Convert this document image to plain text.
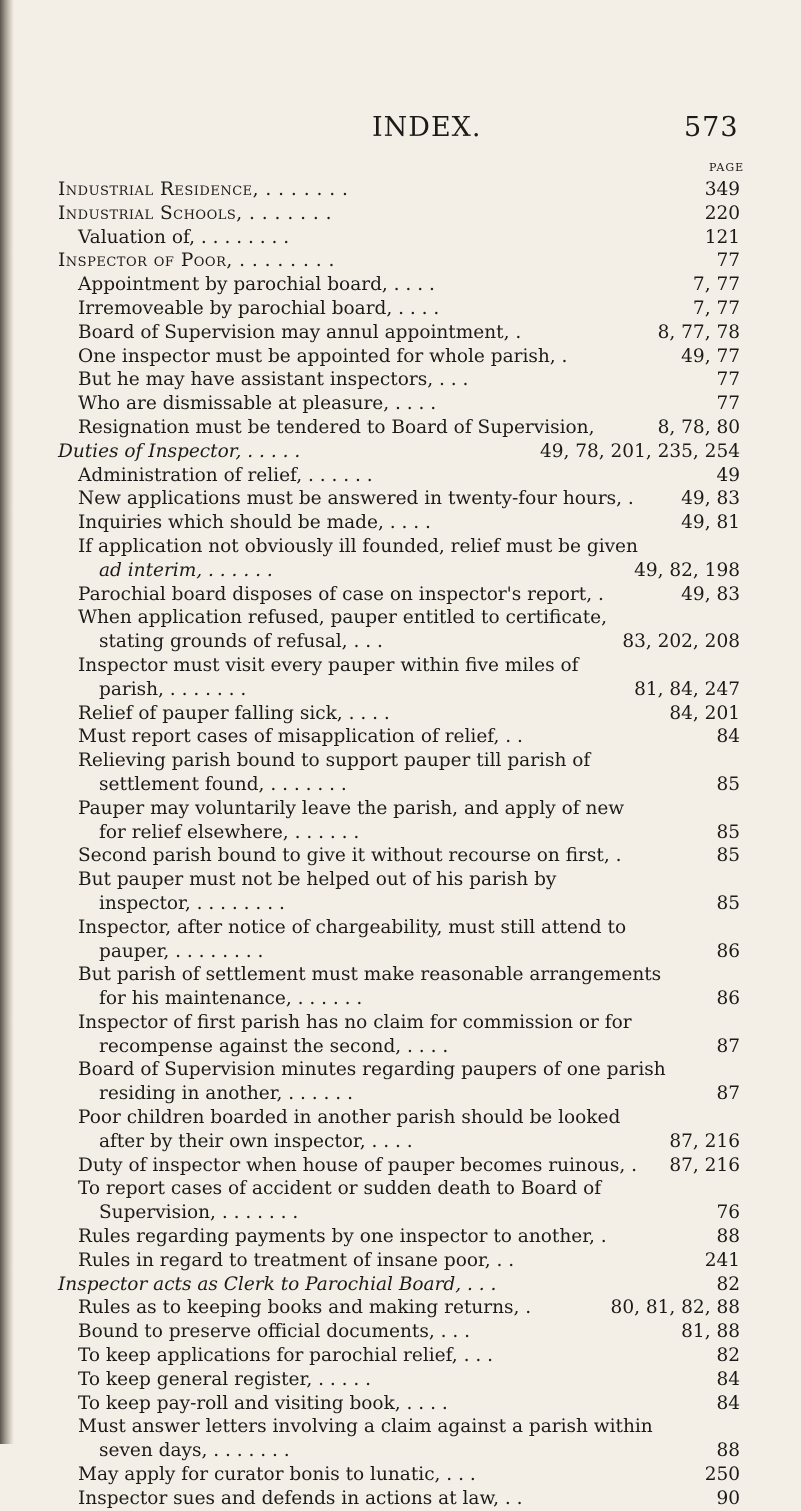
INDEX.	573
PAGE
Industrial Residence, . . . . . . .	349
Industrial Schools, . . . . . . .	220
Valuation of, . . . . . . . .	121
Inspector of Poor, . . . . . . . .	77
Appointment by parochial board, . . . .	7, 77
Irremoveable by parochial board, . . . .	7, 77
Board of Supervision may annul appointment, .	8, 77, 78
One inspector must be appointed for whole parish, .	49, 77
But he may have assistant inspectors, . . .	77
Who are dismissable at pleasure, . . . .	77
Resignation must be tendered to Board of Supervision,	8, 78, 80
Duties of Inspector, . . . . .	49, 78, 201, 235, 254
Administration of relief, . . . . . .	49
New applications must be answered in twenty-four hours, .	49, 83
Inquiries which should be made, . . . .	49, 81
If application not obviously ill founded, relief must be given
ad interim, . . . . . .	49, 82, 198
Parochial board disposes of case on inspector's report, .	49, 83
When application refused, pauper entitled to certificate,
stating grounds of refusal, . . .	83, 202, 208
Inspector must visit every pauper within five miles of
parish, . . . . . . .	81, 84, 247
Relief of pauper falling sick, . . . .	84, 201
Must report cases of misapplication of relief, . .	84
Relieving parish bound to support pauper till parish of
settlement found, . . . . . . .	85
Pauper may voluntarily leave the parish, and apply of new
for relief elsewhere, . . . . . .	85
Second parish bound to give it without recourse on first, .	85
But pauper must not be helped out of his parish by
inspector, . . . . . . . .	85
Inspector, after notice of chargeability, must still attend to
pauper, . . . . . . . .	86
But parish of settlement must make reasonable arrangements
for his maintenance, . . . . . .	86
Inspector of first parish has no claim for commission or for
recompense against the second, . . . .	87
Board of Supervision minutes regarding paupers of one parish
residing in another, . . . . . .	87
Poor children boarded in another parish should be looked
after by their own inspector, . . . .	87, 216
Duty of inspector when house of pauper becomes ruinous, . 87, 216
To report cases of accident or sudden death to Board of
Supervision, . . . . . . .	76
Rules regarding payments by one inspector to another, .	88
Rules in regard to treatment of insane poor, . .	241
Inspector acts as Clerk to Parochial Board, . . .	82
Rules as to keeping books and making returns, .	80, 81, 82, 88
Bound to preserve official documents, . . .	81, 88
To keep applications for parochial relief, . . .	82
To keep general register, . . . . .	84
To keep pay-roll and visiting book, . . . .	84
Must answer letters involving a claim against a parish within
seven days, . . . . . . .	88
May apply for curator bonis to lunatic, . . .	250
Inspector sues and defends in actions at law, . .	90
